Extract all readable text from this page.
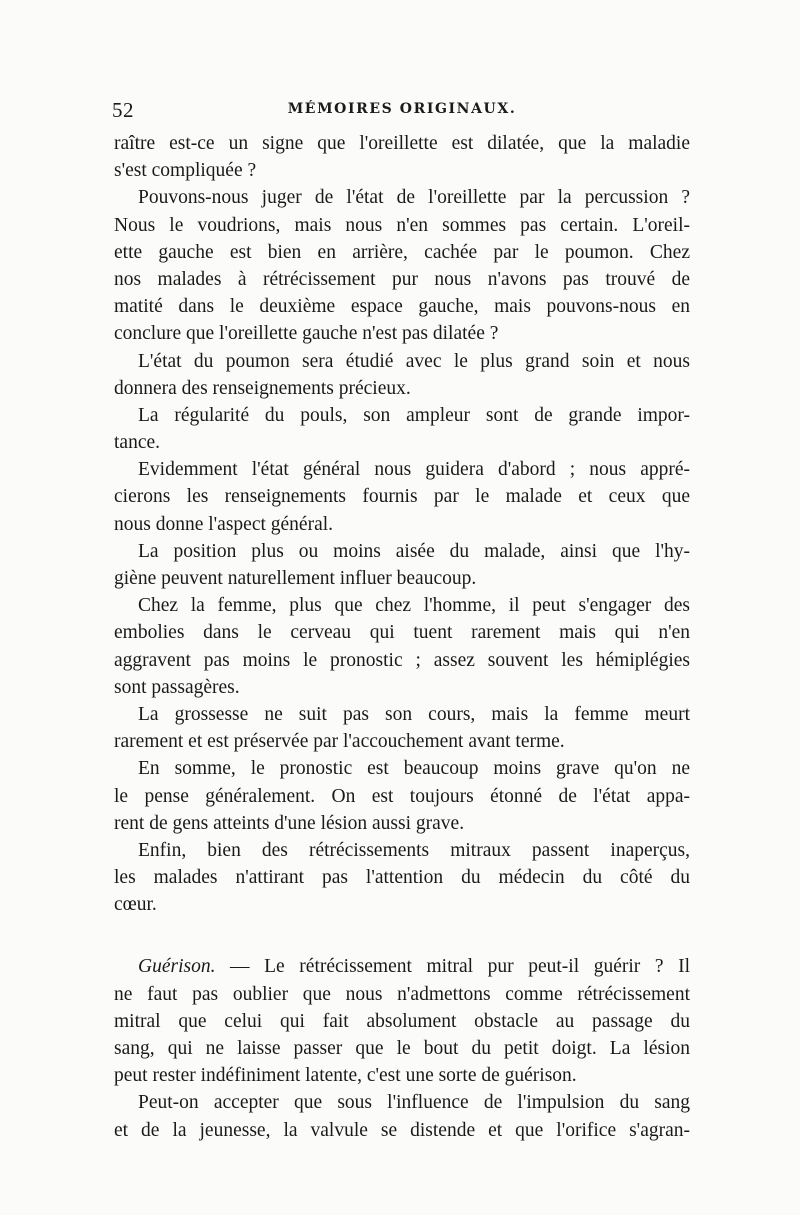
52	MÉMOIRES ORIGINAUX.
raître est-ce un signe que l'oreillette est dilatée, que la maladie
s'est compliquée ?
Pouvons-nous juger de l'état de l'oreillette par la percussion ?
Nous le voudrions, mais nous n'en sommes pas certain. L'oreil-
ette gauche est bien en arrière, cachée par le poumon. Chez
nos malades à rétrécissement pur nous n'avons pas trouvé de
matité dans le deuxième espace gauche, mais pouvons-nous en
conclure que l'oreillette gauche n'est pas dilatée ?
L'état du poumon sera étudié avec le plus grand soin et nous
donnera des renseignements précieux.
La régularité du pouls, son ampleur sont de grande impor-
tance.
Evidemment l'état général nous guidera d'abord ; nous appré-
cierons les renseignements fournis par le malade et ceux que
nous donne l'aspect général.
La position plus ou moins aisée du malade, ainsi que l'hy-
giène peuvent naturellement influer beaucoup.
Chez la femme, plus que chez l'homme, il peut s'engager des
embolies dans le cerveau qui tuent rarement mais qui n'en
aggravent pas moins le pronostic ; assez souvent les hémiplégies
sont passagères.
La grossesse ne suit pas son cours, mais la femme meurt
rarement et est préservée par l'accouchement avant terme.
En somme, le pronostic est beaucoup moins grave qu'on ne
le pense généralement. On est toujours étonné de l'état appa-
rent de gens atteints d'une lésion aussi grave.
Enfin, bien des rétrécissements mitraux passent inaperçus,
les malades n'attirant pas l'attention du médecin du côté du
cœur.
Guérison. — Le rétrécissement mitral pur peut-il guérir ? Il
ne faut pas oublier que nous n'admettons comme rétrécissement
mitral que celui qui fait absolument obstacle au passage du
sang, qui ne laisse passer que le bout du petit doigt. La lésion
peut rester indéfiniment latente, c'est une sorte de guérison.
Peut-on accepter que sous l'influence de l'impulsion du sang
et de la jeunesse, la valvule se distende et que l'orifice s'agran-
